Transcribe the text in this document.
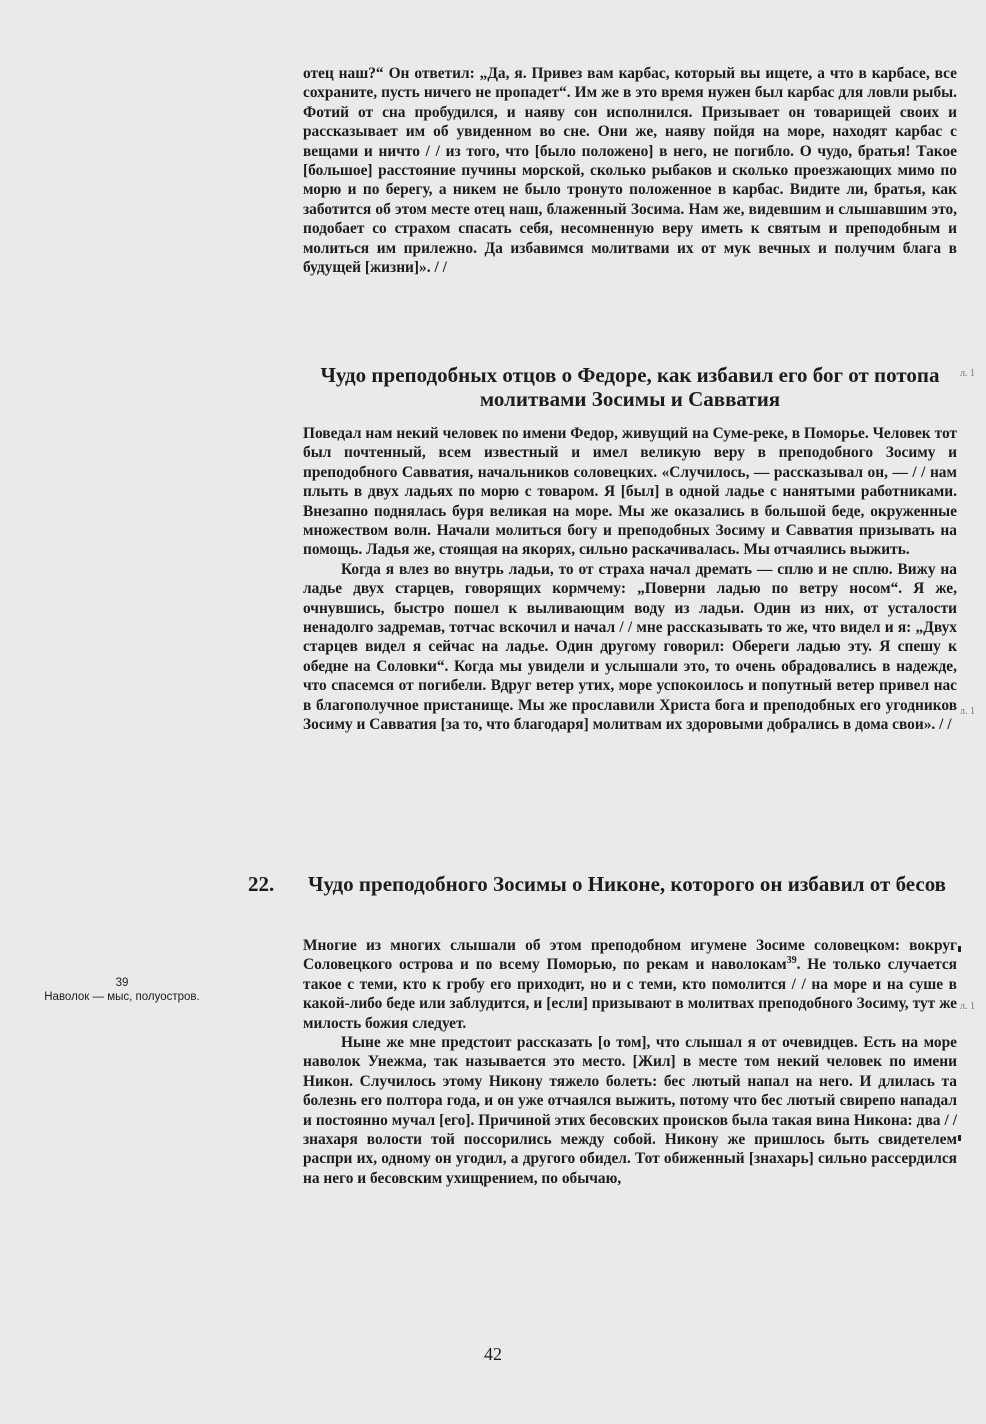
отец наш?“ Он ответил: „Да, я. Привез вам карбас, который вы ищете, а что в карбасе, все сохраните, пусть ничего не пропадет“. Им же в это время нужен был карбас для ловли рыбы. Фотий от сна пробудился, и наяву сон исполнился. Призывает он товарищей своих и рассказывает им об увиденном во сне. Они же, наяву пойдя на море, находят карбас с вещами и ничто / / из того, что [было положено] в него, не погибло. О чудо, братья! Такое [большое] расстояние пучины морской, сколько рыбаков и сколько проезжающих мимо по морю и по берегу, а никем не было тронуто положенное в карбас. Видите ли, братья, как заботится об этом месте отец наш, блаженный Зосима. Нам же, видевшим и слышавшим это, подобает со страхом спасать себя, несомненную веру иметь к святым и преподобным и молиться им прилежно. Да избавимся молитвами их от мук вечных и получим блага в будущей [жизни]». / /

Чудо преподобных отцов о Федоре, как избавил его бог от потопа молитвами Зосимы и Савватия

Поведал нам некий человек по имени Федор, живущий на Суме-реке, в Поморье. Человек тот был почтенный, всем известный и имел великую веру в преподобного Зосиму и преподобного Савватия, начальников соловецких. «Случилось, — рассказывал он, — / / нам плыть в двух ладьях по морю с товаром. Я [был] в одной ладье с нанятыми работниками. Внезапно поднялась буря великая на море. Мы же оказались в большой беде, окруженные множеством волн. Начали молиться богу и преподобных Зосиму и Савватия призывать на помощь. Ладья же, стоящая на якорях, сильно раскачивалась. Мы отчаялись выжить.

Когда я влез во внутрь ладьи, то от страха начал дремать — сплю и не сплю. Вижу на ладье двух старцев, говорящих кормчему: „Поверни ладью по ветру носом“. Я же, очнувшись, быстро пошел к выливающим воду из ладьи. Один из них, от усталости ненадолго задремав, тотчас вскочил и начал / / мне рассказывать то же, что видел и я: „Двух старцев видел я сейчас на ладье. Один другому говорил: Обереги ладью эту. Я спешу к обедне на Соловки“. Когда мы увидели и услышали это, то очень обрадовались в надежде, что спасемся от погибели. Вдруг ветер утих, море успокоилось и попутный ветер привел нас в благополучное пристанище. Мы же прославили Христа бога и преподобных его угодников Зосиму и Савватия [за то, что благодаря] молитвам их здоровыми добрались в дома свои». / /

22.	Чудо преподобного Зосимы о Никоне, которого он избавил от бесов

Многие из многих слышали об этом преподобном игумене Зосиме соловецком: вокруг Соловецкого острова и по всему Поморью, по рекам и наволокам$^{39}$. Не только случается такое с теми, кто к гробу его приходит, но и с теми, кто помолится / / на море и на суше в какой-либо беде или заблудится, и [если] призывают в молитвах преподобного Зосиму, тут же милость божия следует.

Ныне же мне предстоит рассказать [о том], что слышал я от очевидцев. Есть на море наволок Унежма, так называется это место. [Жил] в месте том некий человек по имени Никон. Случилось этому Никону тяжело болеть: бес лютый напал на него. И длилась та болезнь его полтора года, и он уже отчаялся выжить, потому что бес лютый свирепо нападал и постоянно мучал [его]. Причиной этих бесовских происков была такая вина Никона: два / / знахаря волости той поссорились между собой. Никону же пришлось быть свидетелем распри их, одному он угодил, а другого обидел. Тот обиженный [знахарь] сильно рассердился на него и бесовским ухищрением, по обычаю,

39
Наволок — мыс, полуостров.
л. 1
л. 1
л. 1
42
